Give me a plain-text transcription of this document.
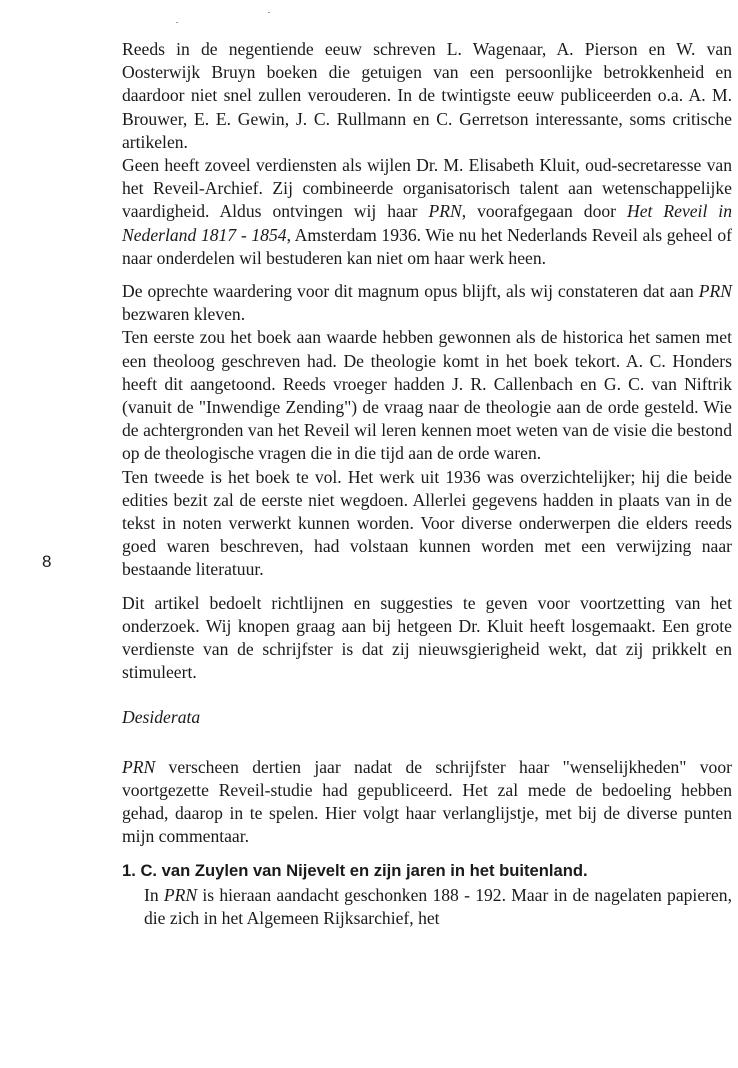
8

Reeds in de negentiende eeuw schreven L. Wagenaar, A. Pierson en W. van Oosterwijk Bruyn boeken die getuigen van een persoonlijke betrokkenheid en daardoor niet snel zullen verouderen. In de twintigste eeuw publiceerden o.a. A. M. Brouwer, E. E. Gewin, J. C. Rullmann en C. Gerretson interessante, soms critische artikelen.

Geen heeft zoveel verdiensten als wijlen Dr. M. Elisabeth Kluit, oud-secretaresse van het Reveil-Archief. Zij combineerde organisatorisch talent aan wetenschappelijke vaardigheid. Aldus ontvingen wij haar PRN, voorafgegaan door Het Reveil in Nederland 1817 - 1854, Amsterdam 1936. Wie nu het Nederlands Reveil als geheel of naar onderdelen wil bestuderen kan niet om haar werk heen.

De oprechte waardering voor dit magnum opus blijft, als wij constateren dat aan PRN bezwaren kleven.

Ten eerste zou het boek aan waarde hebben gewonnen als de historica het samen met een theoloog geschreven had. De theologie komt in het boek tekort. A. C. Honders heeft dit aangetoond. Reeds vroeger hadden J. R. Callenbach en G. C. van Niftrik (vanuit de "Inwendige Zending") de vraag naar de theologie aan de orde gesteld. Wie de achtergronden van het Reveil wil leren kennen moet weten van de visie die bestond op de theologische vragen die in die tijd aan de orde waren.

Ten tweede is het boek te vol. Het werk uit 1936 was overzichtelijker; hij die beide edities bezit zal de eerste niet wegdoen. Allerlei gegevens hadden in plaats van in de tekst in noten verwerkt kunnen worden. Voor diverse onderwerpen die elders reeds goed waren beschreven, had volstaan kunnen worden met een verwijzing naar bestaande literatuur.

Dit artikel bedoelt richtlijnen en suggesties te geven voor voortzetting van het onderzoek. Wij knopen graag aan bij hetgeen Dr. Kluit heeft losgemaakt. Een grote verdienste van de schrijfster is dat zij nieuwsgierigheid wekt, dat zij prikkelt en stimuleert.

Desiderata

PRN verscheen dertien jaar nadat de schrijfster haar "wenselijkheden" voor voortgezette Reveil-studie had gepubliceerd. Het zal mede de bedoeling hebben gehad, daarop in te spelen. Hier volgt haar verlanglijstje, met bij de diverse punten mijn commentaar.

1. C. van Zuylen van Nijevelt en zijn jaren in het buitenland.

In PRN is hieraan aandacht geschonken 188 - 192. Maar in de nagelaten papieren, die zich in het Algemeen Rijksarchief, het
